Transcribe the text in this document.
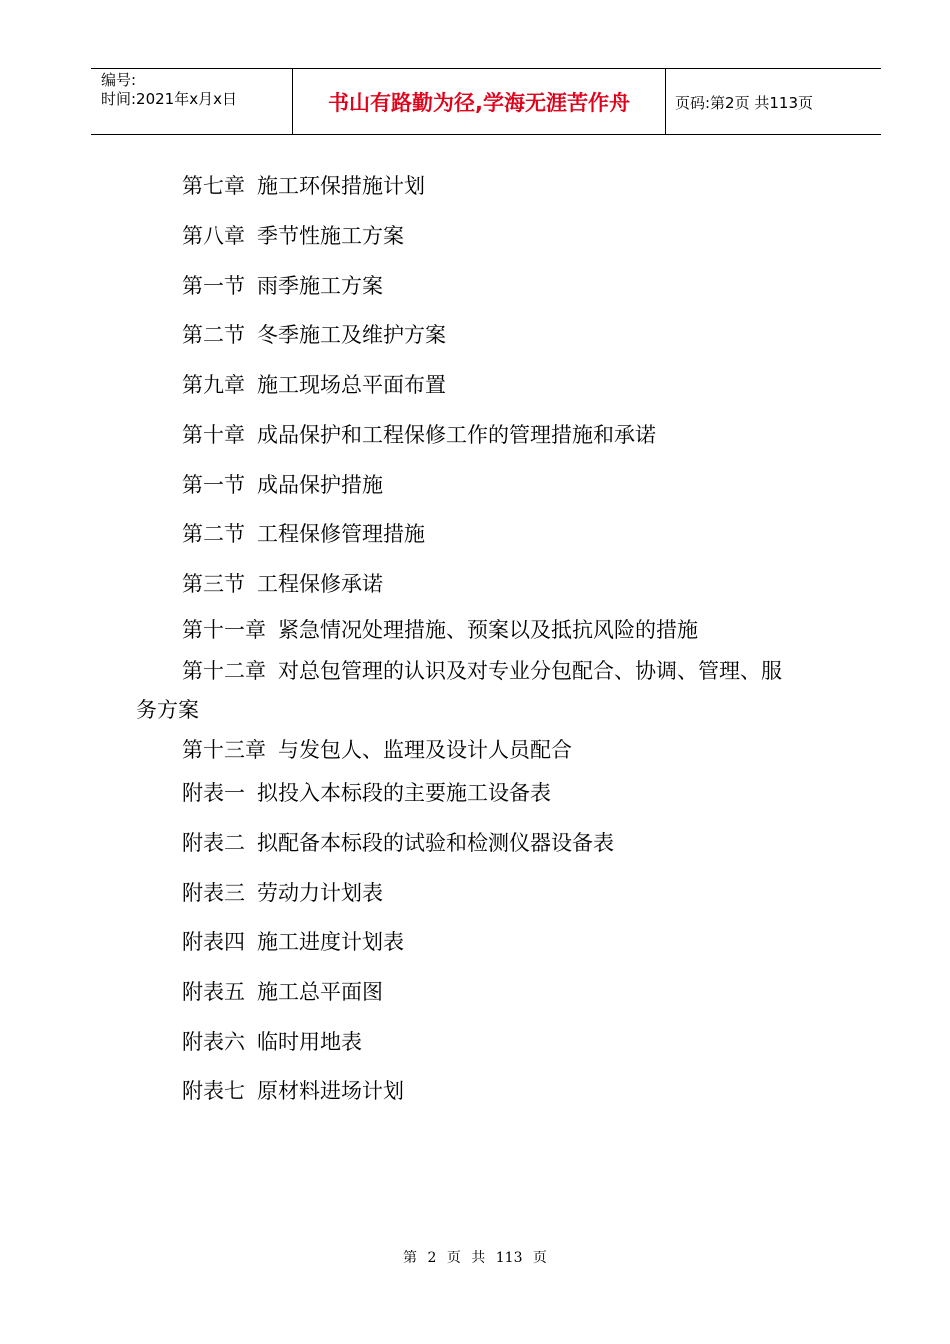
编号:
时间:2021年x月x日	书山有路勤为径,学海无涯苦作舟	页码:第2页 共113页
第七章 施工环保措施计划
第八章 季节性施工方案
第一节 雨季施工方案
第二节 冬季施工及维护方案
第九章 施工现场总平面布置
第十章 成品保护和工程保修工作的管理措施和承诺
第一节 成品保护措施
第二节 工程保修管理措施
第三节 工程保修承诺
第十一章 紧急情况处理措施、预案以及抵抗风险的措施
第十二章 对总包管理的认识及对专业分包配合、协调、管理、服
务方案
第十三章 与发包人、监理及设计人员配合
附表一 拟投入本标段的主要施工设备表
附表二 拟配备本标段的试验和检测仪器设备表
附表三 劳动力计划表
附表四 施工进度计划表
附表五 施工总平面图
附表六 临时用地表
附表七 原材料进场计划
第 2 页 共 113 页
